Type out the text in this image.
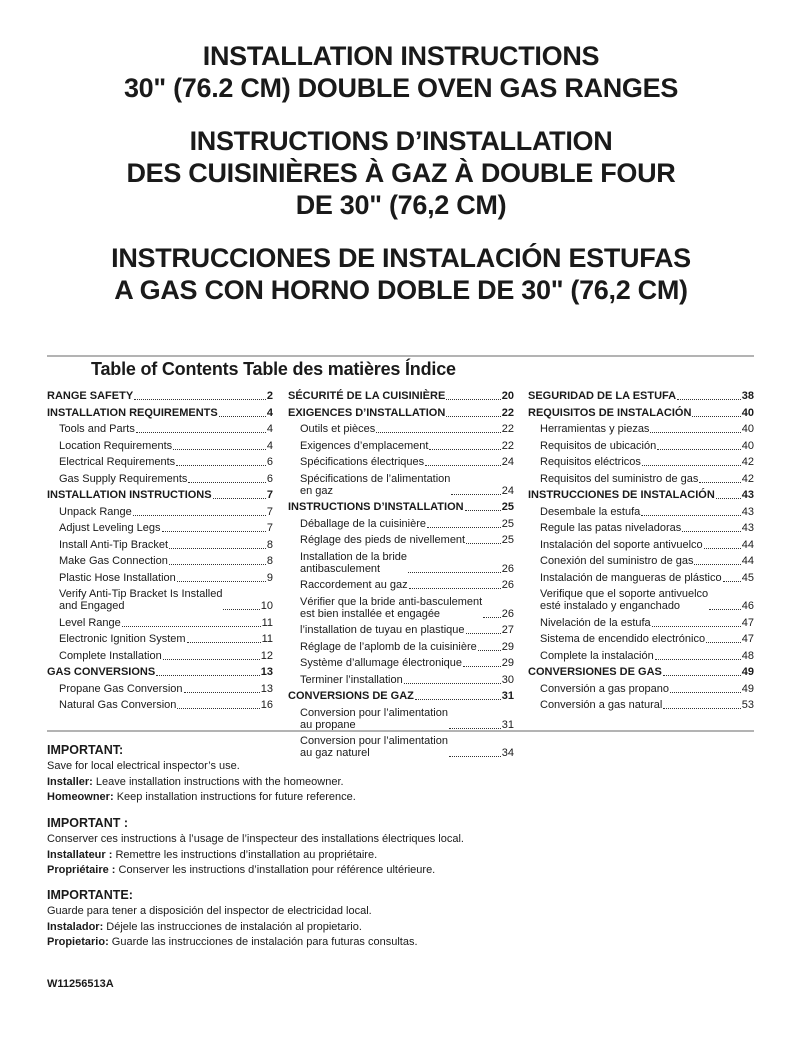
INSTALLATION INSTRUCTIONS
30" (76.2 CM) DOUBLE OVEN GAS RANGES
INSTRUCTIONS D’INSTALLATION
DES CUISINIÈRES À GAZ À DOUBLE FOUR
DE 30" (76,2 CM)
INSTRUCCIONES DE INSTALACIÓN ESTUFAS
A GAS CON HORNO DOBLE DE 30" (76,2 CM)
Table of Contents Table des matières Índice
RANGE SAFETY	2
INSTALLATION REQUIREMENTS	4
Tools and Parts	4
Location Requirements	4
Electrical Requirements	6
Gas Supply Requirements	6
INSTALLATION INSTRUCTIONS	7
Unpack Range	7
Adjust Leveling Legs	7
Install Anti-Tip Bracket	8
Make Gas Connection	8
Plastic Hose Installation	9
Verify Anti-Tip Bracket Is Installed
and Engaged	10
Level Range	11
Electronic Ignition System	11
Complete Installation	12
GAS CONVERSIONS	13
Propane Gas Conversion	13
Natural Gas Conversion	16
SÉCURITÉ DE LA CUISINIÈRE	20
EXIGENCES D’INSTALLATION	22
Outils et pièces	22
Exigences d’emplacement	22
Spécifications électriques	24
Spécifications de l’alimentation
en gaz	24
INSTRUCTIONS D’INSTALLATION	25
Déballage de la cuisinière	25
Réglage des pieds de nivellement	25
Installation de la bride
antibasculement	26
Raccordement au gaz	26
Vérifier que la bride anti-basculement
est bien installée et engagée	26
l’installation de tuyau en plastique	27
Réglage de l’aplomb de la cuisinière 29
Système d’allumage électronique	29
Terminer l’installation	30
CONVERSIONS DE GAZ	31
Conversion pour l’alimentation
au propane	31
Conversion pour l’alimentation
au gaz naturel	34
SEGURIDAD DE LA ESTUFA	38
REQUISITOS DE INSTALACIÓN	40
Herramientas y piezas	40
Requisitos de ubicación	40
Requisitos eléctricos	42
Requisitos del suministro de gas	42
INSTRUCCIONES DE INSTALACIÓN 43
Desembale la estufa	43
Regule las patas niveladoras	43
Instalación del soporte antivuelco	44
Conexión del suministro de gas	44
Instalación de mangueras de plástico 45
Verifique que el soporte antivuelco
esté instalado y enganchado	46
Nivelación de la estufa	47
Sistema de encendido electrónico	47
Complete la instalación	48
CONVERSIONES DE GAS	49
Conversión a gas propano	49
Conversión a gas natural	53
IMPORTANT:

Save for local electrical inspector’s use.

Installer: Leave installation instructions with the homeowner.

Homeowner: Keep installation instructions for future reference.

IMPORTANT :

Conserver ces instructions à l’usage de l’inspecteur des installations électriques local.

Installateur : Remettre les instructions d’installation au propriétaire.

Propriétaire : Conserver les instructions d’installation pour référence ultérieure.

IMPORTANTE:

Guarde para tener a disposición del inspector de electricidad local.

Instalador: Déjele las instrucciones de instalación al propietario.

Propietario: Guarde las instrucciones de instalación para futuras consultas.

W11256513A
